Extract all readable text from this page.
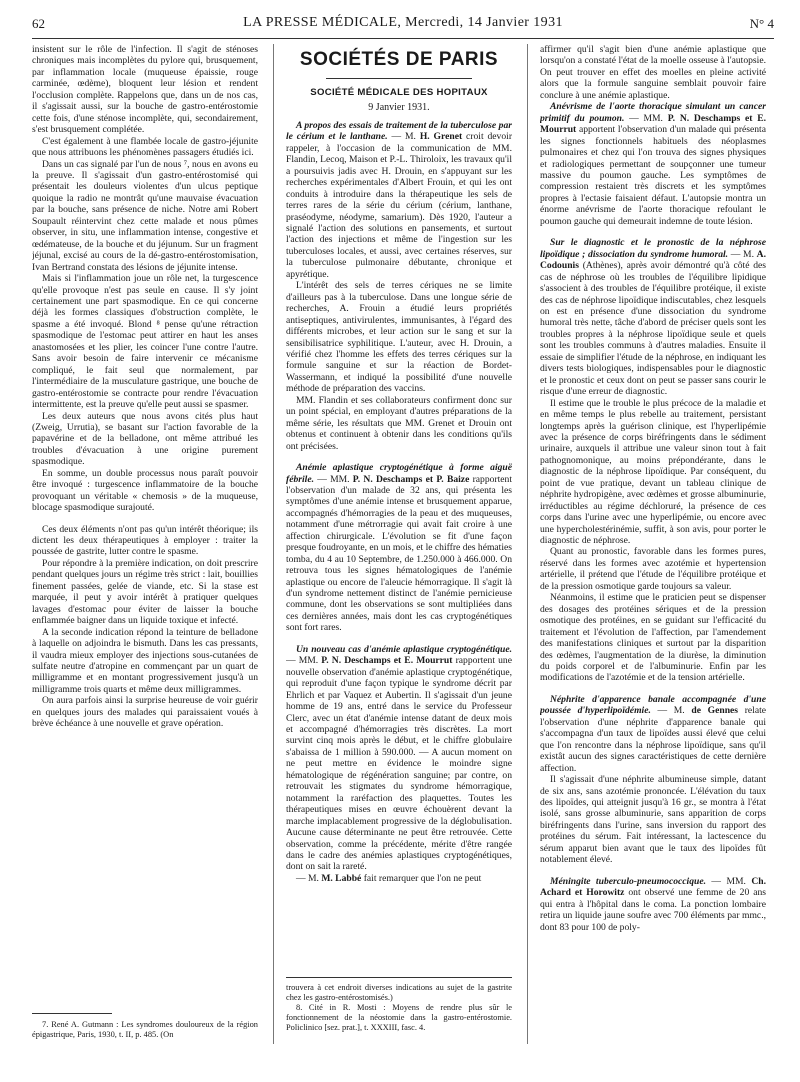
62	LA PRESSE MÉDICALE, Mercredi, 14 Janvier 1931	N° 4

insistent sur le rôle de l'infection. Il s'agit de sténoses chroniques mais incomplètes du pylore qui, brusquement, par inflammation locale (muqueuse épaissie, rouge carminée, œdème), bloquent leur lésion et rendent l'occlusion complète. Rappelons que, dans un de nos cas, il s'agissait aussi, sur la bouche de gastro-entérostomie cette fois, d'une sténose incomplète, qui, secondairement, s'est brusquement complétée.

C'est également à une flambée locale de gastro-jéjunite que nous attribuons les phénomènes passagers étudiés ici.

Dans un cas signalé par l'un de nous ⁷, nous en avons eu la preuve. Il s'agissait d'un gastro-entérostomisé qui présentait les douleurs violentes d'un ulcus peptique quoique la radio ne montrât qu'une mauvaise évacuation par la bouche, sans présence de niche. Notre ami Robert Soupault réintervint chez cette malade et nous pûmes observer, in situ, une inflammation intense, congestive et œdémateuse, de la bouche et du jéjunum. Sur un fragment jéjunal, excisé au cours de la dé-gastro-entérostomisation, Ivan Bertrand constata des lésions de jéjunite intense.

Mais si l'inflammation joue un rôle net, la turgescence qu'elle provoque n'est pas seule en cause. Il s'y joint certainement une part spasmodique. En ce qui concerne déjà les formes classiques d'obstruction complète, le spasme a été invoqué. Blond ⁸ pense qu'une rétraction spasmodique de l'estomac peut attirer en haut les anses anastomosées et les plier, les coincer l'une contre l'autre. Sans avoir besoin de faire intervenir ce mécanisme compliqué, le fait seul que normalement, par l'intermédiaire de la musculature gastrique, une bouche de gastro-entérostomie se contracte pour rendre l'évacuation intermittente, est la preuve qu'elle peut aussi se spasmer.

Les deux auteurs que nous avons cités plus haut (Zweig, Urrutia), se basant sur l'action favorable de la papavérine et de la belladone, ont même attribué les troubles d'évacuation à une origine purement spasmodique.

En somme, un double processus nous paraît pouvoir être invoqué : turgescence inflammatoire de la bouche provoquant un véritable « chemosis » de la muqueuse, blocage spasmodique surajouté.

Ces deux éléments n'ont pas qu'un intérêt théorique; ils dictent les deux thérapeutiques à employer : traiter la poussée de gastrite, lutter contre le spasme.

Pour répondre à la première indication, on doit prescrire pendant quelques jours un régime très strict : lait, bouillies finement passées, gelée de viande, etc. Si la stase est marquée, il peut y avoir intérêt à pratiquer quelques lavages d'estomac pour éviter de laisser la bouche enflammée baigner dans un liquide toxique et infecté.

A la seconde indication répond la teinture de belladone à laquelle on adjoindra le bismuth. Dans les cas pressants, il vaudra mieux employer des injections sous-cutanées de sulfate neutre d'atropine en commençant par un quart de milligramme et en montant progressivement jusqu'à un milligramme trois quarts et même deux milligrammes.

On aura parfois ainsi la surprise heureuse de voir guérir en quelques jours des malades qui paraissaient voués à brève échéance à une nouvelle et grave opération.

7. René A. Gutmann : Les syndromes douloureux de la région épigastrique, Paris, 1930, t. II, p. 485. (On

SOCIÉTÉS DE PARIS
SOCIÉTÉ MÉDICALE DES HOPITAUX
9 Janvier 1931.

A propos des essais de traitement de la tuberculose par le cérium et le lanthane. — M. H. Grenet croit devoir rappeler, à l'occasion de la communication de MM. Flandin, Lecoq, Maison et P.-L. Thiroloix, les travaux qu'il a poursuivis jadis avec H. Drouin, en s'appuyant sur les recherches expérimentales d'Albert Frouin, et qui les ont conduits à introduire dans la thérapeutique les sels de terres rares de la série du cérium (cérium, lanthane, praséodyme, néodyme, samarium). Dès 1920, l'auteur a signalé l'action des solutions en pansements, et surtout l'action des injections et même de l'ingestion sur les tuberculoses locales, et aussi, avec certaines réserves, sur la tuberculose pulmonaire débutante, chronique et apyrétique.

L'intérêt des sels de terres cériques ne se limite d'ailleurs pas à la tuberculose. Dans une longue série de recherches, A. Frouin a étudié leurs propriétés antiseptiques, antivirulentes, immunisantes, à l'égard des différents microbes, et leur action sur le sang et sur la sensibilisatrice syphilitique. L'auteur, avec H. Drouin, a vérifié chez l'homme les effets des terres cériques sur la formule sanguine et sur la réaction de Bordet-Wassermann, et indiqué la possibilité d'une nouvelle méthode de préparation des vaccins.

MM. Flandin et ses collaborateurs confirment donc sur un point spécial, en employant d'autres préparations de la même série, les résultats que MM. Grenet et Drouin ont obtenus et continuent à obtenir dans les conditions qu'ils ont précisées.

Anémie aplastique cryptogénétique à forme aiguë fébrile. — MM. P. N. Deschamps et P. Baize rapportent l'observation d'un malade de 32 ans, qui présenta les symptômes d'une anémie intense et brusquement apparue, accompagnés d'hémorragies de la peau et des muqueuses, notamment d'une métrorragie qui avait fait croire à une affection chirurgicale. L'évolution se fit d'une façon presque foudroyante, en un mois, et le chiffre des hématies tomba, du 4 au 10 Septembre, de 1.250.000 à 466.000. On retrouva tous les signes hématologiques de l'anémie aplastique ou encore de l'aleucie hémorragique. Il s'agit là d'un syndrome nettement distinct de l'anémie pernicieuse commune, dont les observations se sont multipliées dans ces dernières années, mais dont les cas cryptogénétiques sont fort rares.

Un nouveau cas d'anémie aplastique cryptogénétique. — MM. P. N. Deschamps et E. Mourrut rapportent une nouvelle observation d'anémie aplastique cryptogénétique, qui reproduit d'une façon typique le syndrome décrit par Ehrlich et par Vaquez et Aubertin. Il s'agissait d'un jeune homme de 19 ans, entré dans le service du Professeur Clerc, avec un état d'anémie intense datant de deux mois et accompagné d'hémorragies très discrètes. La mort survint cinq mois après le début, et le chiffre globulaire s'abaissa de 1 million à 590.000. — A aucun moment on ne peut mettre en évidence le moindre signe hématologique de régénération sanguine; par contre, on retrouvait les stigmates du syndrome hémorragique, notamment la raréfaction des plaquettes. Toutes les thérapeutiques mises en œuvre échouèrent devant la marche implacablement progressive de la déglobulisation. Aucune cause déterminante ne peut être retrouvée. Cette observation, comme la précédente, mérite d'être rangée dans le cadre des anémies aplastiques cryptogénétiques, dont on sait la rareté.

— M. M. Labbé fait remarquer que l'on ne peut

trouvera à cet endroit diverses indications au sujet de la gastrite chez les gastro-entérostomisés.)

8. Cité in R. Mosti : Moyens de rendre plus sûr le fonctionnement de la néostomie dans la gastro-entérostomie. Policlinico [sez. prat.], t. XXXIII, fasc. 4.

affirmer qu'il s'agit bien d'une anémie aplastique que lorsqu'on a constaté l'état de la moelle osseuse à l'autopsie. On peut trouver en effet des moelles en pleine activité alors que la formule sanguine semblait pouvoir faire conclure à une anémie aplastique.

Anévrisme de l'aorte thoracique simulant un cancer primitif du poumon. — MM. P. N. Deschamps et E. Mourrut apportent l'observation d'un malade qui présenta les signes fonctionnels habituels des néoplasmes pulmonaires et chez qui l'on trouva des signes physiques et radiologiques permettant de soupçonner une tumeur massive du poumon gauche. Les symptômes de compression restaient très discrets et les symptômes propres à l'ectasie faisaient défaut. L'autopsie montra un énorme anévrisme de l'aorte thoracique refoulant le poumon gauche qui demeurait indemne de toute lésion.

Sur le diagnostic et le pronostic de la néphrose lipoïdique ; dissociation du syndrome humoral. — M. A. Codounis (Athènes), après avoir démontré qu'à côté des cas de néphrose où les troubles de l'équilibre lipidique s'associent à des troubles de l'équilibre protéique, il existe des cas de néphrose lipoïdique indiscutables, chez lesquels on est en présence d'une dissociation du syndrome humoral très nette, tâche d'abord de préciser quels sont les troubles propres à la néphrose lipoïdique seule et quels sont les troubles communs à d'autres maladies. Ensuite il essaie de simplifier l'étude de la néphrose, en indiquant les divers tests biologiques, indispensables pour le diagnostic et le pronostic et ceux dont on peut se passer sans courir le risque d'une erreur de diagnostic.

Il estime que le trouble le plus précoce de la maladie et en même temps le plus rebelle au traitement, persistant longtemps après la guérison clinique, est l'hyperlipémie avec la présence de corps biréfringents dans le sédiment urinaire, auxquels il attribue une valeur sinon tout à fait pathognomonique, au moins prépondérante, dans le diagnostic de la néphrose lipoïdique. Par conséquent, du point de vue pratique, devant un tableau clinique de néphrite hydropigène, avec œdèmes et grosse albuminurie, irréductibles au régime déchloruré, la présence de ces corps dans l'urine avec une hyperlipémie, ou encore avec une hypercholestérinémie, suffit, à son avis, pour porter le diagnostic de néphrose.

Quant au pronostic, favorable dans les formes pures, réservé dans les formes avec azotémie et hypertension artérielle, il prétend que l'étude de l'équilibre protéique et de la pression osmotique garde toujours sa valeur.

Néanmoins, il estime que le praticien peut se dispenser des dosages des protéines sériques et de la pression osmotique des protéines, en se guidant sur l'efficacité du traitement et l'évolution de l'affection, par l'amendement des manifestations cliniques et surtout par la disparition des œdèmes, l'augmentation de la diurèse, la diminution du poids corporel et de l'albuminurie. Enfin par les modifications de l'azotémie et de la tension artérielle.

Néphrite d'apparence banale accompagnée d'une poussée d'hyperlipoïdémie. — M. de Gennes relate l'observation d'une néphrite d'apparence banale qui s'accompagna d'un taux de lipoïdes aussi élevé que celui que l'on rencontre dans la néphrose lipoïdique, sans qu'il existât aucun des signes caractéristiques de cette dernière affection.

Il s'agissait d'une néphrite albumineuse simple, datant de six ans, sans azotémie prononcée. L'élévation du taux des lipoïdes, qui atteignit jusqu'à 16 gr., se montra à l'état isolé, sans grosse albuminurie, sans apparition de corps biréfringents dans l'urine, sans inversion du rapport des protéines du sérum. Fait intéressant, la lactescence du sérum apparut bien avant que le taux des lipoïdes fût notablement élevé.

Méningite tuberculo-pneumococcique. — MM. Ch. Achard et Horowitz ont observé une femme de 20 ans qui entra à l'hôpital dans le coma. La ponction lombaire retira un liquide jaune soufre avec 700 éléments par mmc., dont 83 pour 100 de poly-
